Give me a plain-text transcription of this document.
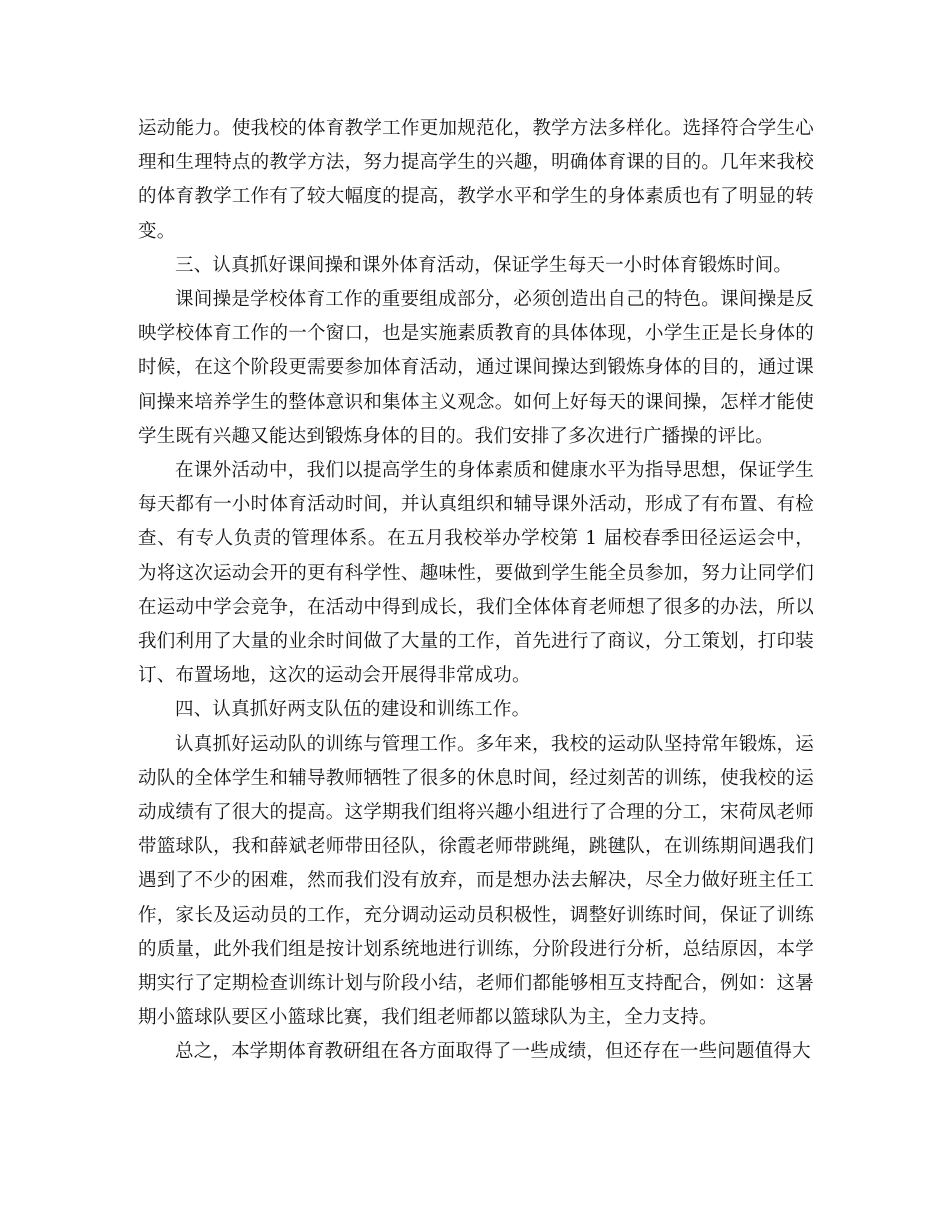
运动能力。使我校的体育教学工作更加规范化，教学方法多样化。选择符合学生心理和生理特点的教学方法，努力提高学生的兴趣，明确体育课的目的。几年来我校的体育教学工作有了较大幅度的提高，教学水平和学生的身体素质也有了明显的转变。

三、认真抓好课间操和课外体育活动，保证学生每天一小时体育锻炼时间。

课间操是学校体育工作的重要组成部分，必须创造出自己的特色。课间操是反映学校体育工作的一个窗口，也是实施素质教育的具体体现，小学生正是长身体的时候，在这个阶段更需要参加体育活动，通过课间操达到锻炼身体的目的，通过课间操来培养学生的整体意识和集体主义观念。如何上好每天的课间操，怎样才能使学生既有兴趣又能达到锻炼身体的目的。我们安排了多次进行广播操的评比。

在课外活动中，我们以提高学生的身体素质和健康水平为指导思想，保证学生每天都有一小时体育活动时间，并认真组织和辅导课外活动，形成了有布置、有检查、有专人负责的管理体系。在五月我校举办学校第 1 届校春季田径运运会中，为将这次运动会开的更有科学性、趣味性，要做到学生能全员参加，努力让同学们在运动中学会竞争，在活动中得到成长，我们全体体育老师想了很多的办法，所以我们利用了大量的业余时间做了大量的工作，首先进行了商议，分工策划，打印装订、布置场地，这次的运动会开展得非常成功。

四、认真抓好两支队伍的建设和训练工作。

认真抓好运动队的训练与管理工作。多年来，我校的运动队坚持常年锻炼，运动队的全体学生和辅导教师牺牲了很多的休息时间，经过刻苦的训练，使我校的运动成绩有了很大的提高。这学期我们组将兴趣小组进行了合理的分工，宋荷凤老师带篮球队，我和薛斌老师带田径队，徐霞老师带跳绳，跳毽队，在训练期间遇我们遇到了不少的困难，然而我们没有放弃，而是想办法去解决，尽全力做好班主任工作，家长及运动员的工作，充分调动运动员积极性，调整好训练时间，保证了训练的质量，此外我们组是按计划系统地进行训练，分阶段进行分析，总结原因，本学期实行了定期检查训练计划与阶段小结，老师们都能够相互支持配合，例如：这暑期小篮球队要区小篮球比赛，我们组老师都以篮球队为主，全力支持。

总之，本学期体育教研组在各方面取得了一些成绩，但还存在一些问题值得大
